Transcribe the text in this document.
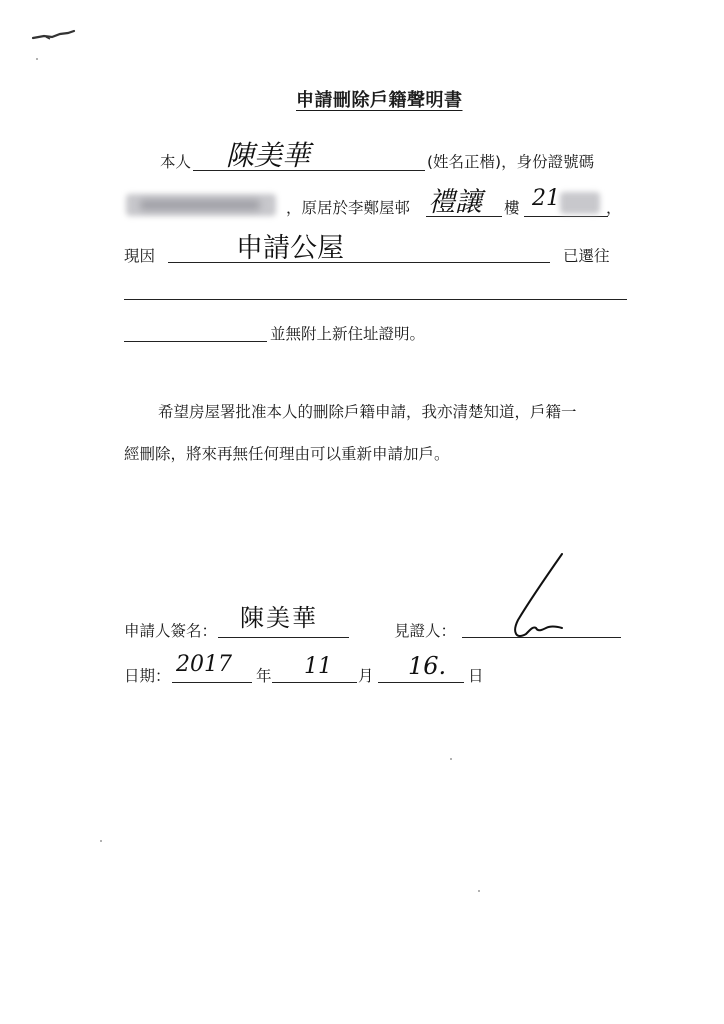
申請刪除戶籍聲明書
本人 陳美華	(姓名正楷)，身份證號碼
，原居於李鄭屋邨 禮讓 樓 21	，
現因	申請公屋	已遷往
並無附上新住址證明。
希望房屋署批准本人的刪除戶籍申請，我亦清楚知道，戶籍一
經刪除，將來再無任何理由可以重新申請加戶。
申請人簽名： 陳美華	見證人：
日期： 2017 年 11 月 16. 日
